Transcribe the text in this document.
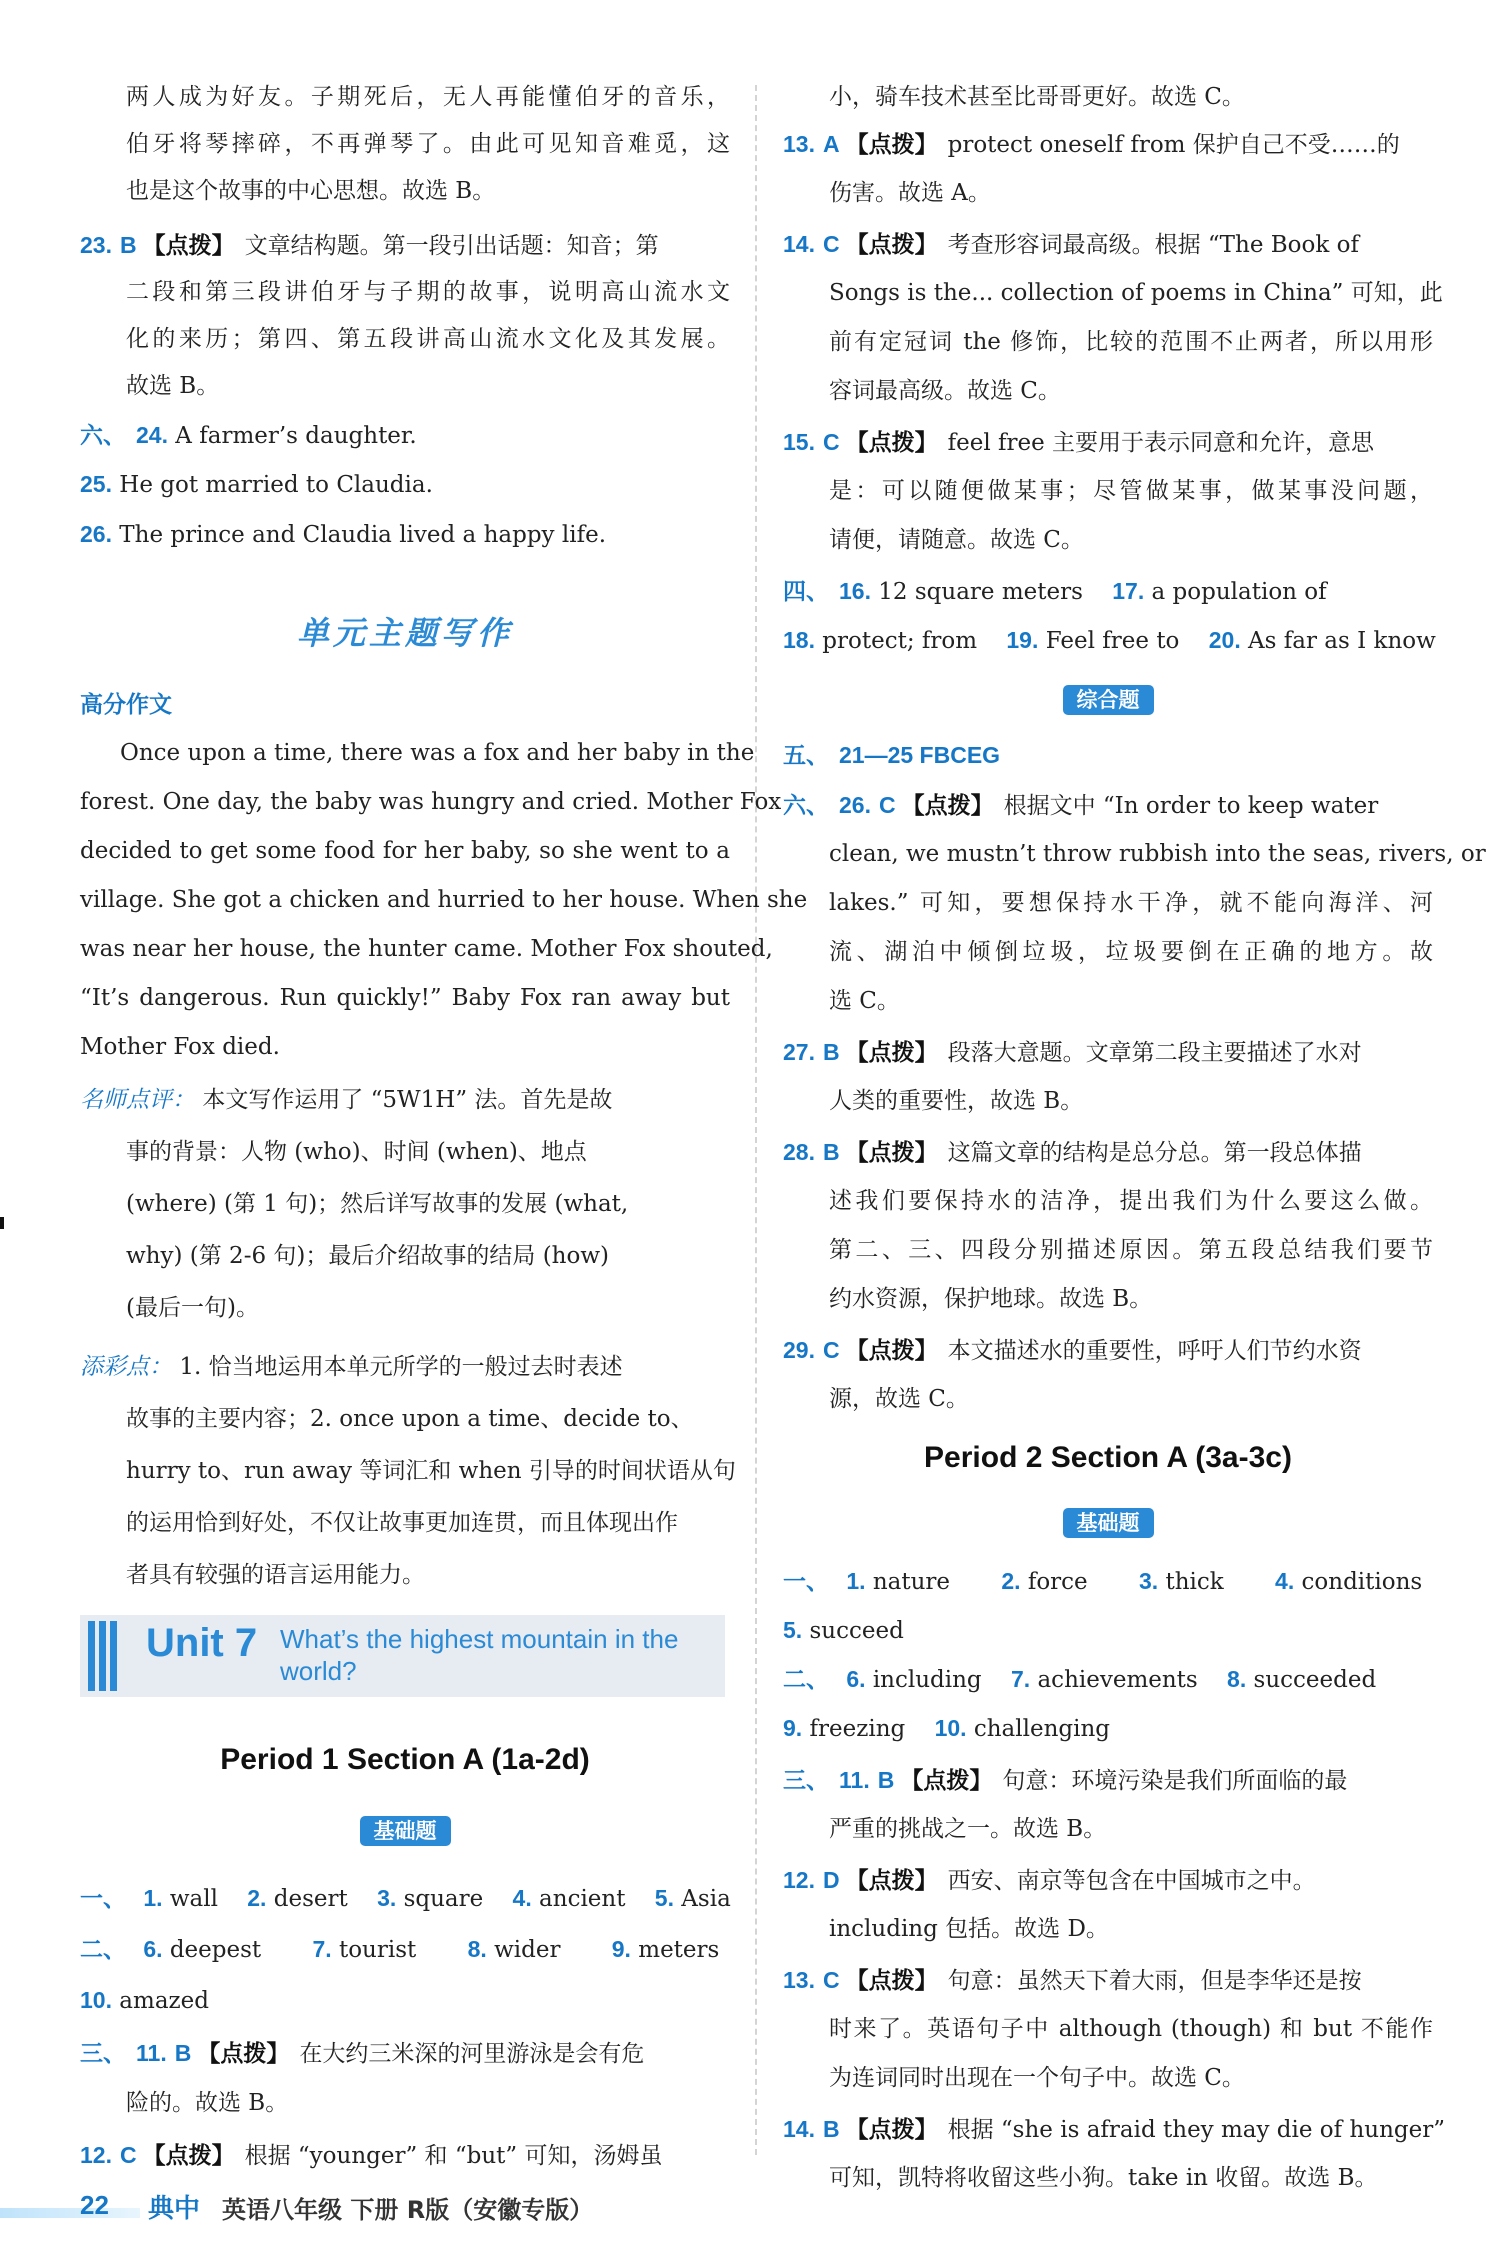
两人成为好友。子期死后，无人再能懂伯牙的音乐，
伯牙将琴摔碎，不再弹琴了。由此可见知音难觅，这
也是这个故事的中心思想。故选 B。
23. B 【点拨】 文章结构题。第一段引出话题：知音；第
二段和第三段讲伯牙与子期的故事，说明高山流水文
化的来历；第四、第五段讲高山流水文化及其发展。
故选 B。
六、 24. A farmer’s daughter.
25. He got married to Claudia.
26. The prince and Claudia lived a happy life.
单元主题写作
高分作文
Once upon a time, there was a fox and her baby in the
forest. One day, the baby was hungry and cried. Mother Fox
decided to get some food for her baby, so she went to a
village. She got a chicken and hurried to her house. When she
was near her house, the hunter came. Mother Fox shouted,
“It’s dangerous. Run quickly!” Baby Fox ran away but
Mother Fox died.
名师点评： 本文写作运用了 “5W1H” 法。首先是故
事的背景：人物 (who)、时间 (when)、地点
(where) (第 1 句)；然后详写故事的发展 (what,
why) (第 2-6 句)；最后介绍故事的结局 (how)
(最后一句)。
添彩点： 1. 恰当地运用本单元所学的一般过去时表述
故事的主要内容；2. once upon a time、decide to、
hurry to、run away 等词汇和 when 引导的时间状语从句
的运用恰到好处，不仅让故事更加连贯，而且体现出作
者具有较强的语言运用能力。
Unit 7 What’s the highest mountain in the world?
Period 1 Section A (1a-2d)
基础题
一、 1. wall 2. desert 3. square 4. ancient 5. Asia
二、 6. deepest 7. tourist 8. wider 9. meters
10. amazed
三、 11. B 【点拨】 在大约三米深的河里游泳是会有危
险的。故选 B。
12. C 【点拨】 根据 “younger” 和 “but” 可知，汤姆虽
小，骑车技术甚至比哥哥更好。故选 C。
13. A 【点拨】 protect oneself from 保护自己不受……的
伤害。故选 A。
14. C 【点拨】 考查形容词最高级。根据 “The Book of
Songs is the... collection of poems in China” 可知，此
前有定冠词 the 修饰，比较的范围不止两者，所以用形
容词最高级。故选 C。
15. C 【点拨】 feel free 主要用于表示同意和允许，意思
是：可以随便做某事；尽管做某事，做某事没问题，
请便，请随意。故选 C。
四、 16. 12 square meters 17. a population of
18. protect; from 19. Feel free to 20. As far as I know
综合题
五、 21—25 FBCEG
六、 26. C 【点拨】 根据文中 “In order to keep water
clean, we mustn’t throw rubbish into the seas, rivers, or
lakes.” 可知，要想保持水干净，就不能向海洋、河
流、湖泊中倾倒垃圾，垃圾要倒在正确的地方。故
选 C。
27. B 【点拨】 段落大意题。文章第二段主要描述了水对
人类的重要性，故选 B。
28. B 【点拨】 这篇文章的结构是总分总。第一段总体描
述我们要保持水的洁净，提出我们为什么要这么做。
第二、三、四段分别描述原因。第五段总结我们要节
约水资源，保护地球。故选 B。
29. C 【点拨】 本文描述水的重要性，呼吁人们节约水资
源，故选 C。
Period 2 Section A (3a-3c)
基础题
一、 1. nature 2. force 3. thick 4. conditions
5. succeed
二、 6. including 7. achievements 8. succeeded
9. freezing 10. challenging
三、 11. B 【点拨】 句意：环境污染是我们所面临的最
严重的挑战之一。故选 B。
12. D 【点拨】 西安、南京等包含在中国城市之中。
including 包括。故选 D。
13. C 【点拨】 句意：虽然天下着大雨，但是李华还是按
时来了。英语句子中 although (though) 和 but 不能作
为连词同时出现在一个句子中。故选 C。
14. B 【点拨】 根据 “she is afraid they may die of hunger”
可知，凯特将收留这些小狗。take in 收留。故选 B。
22 典中 英语八年级 下册 R版（安徽专版）
